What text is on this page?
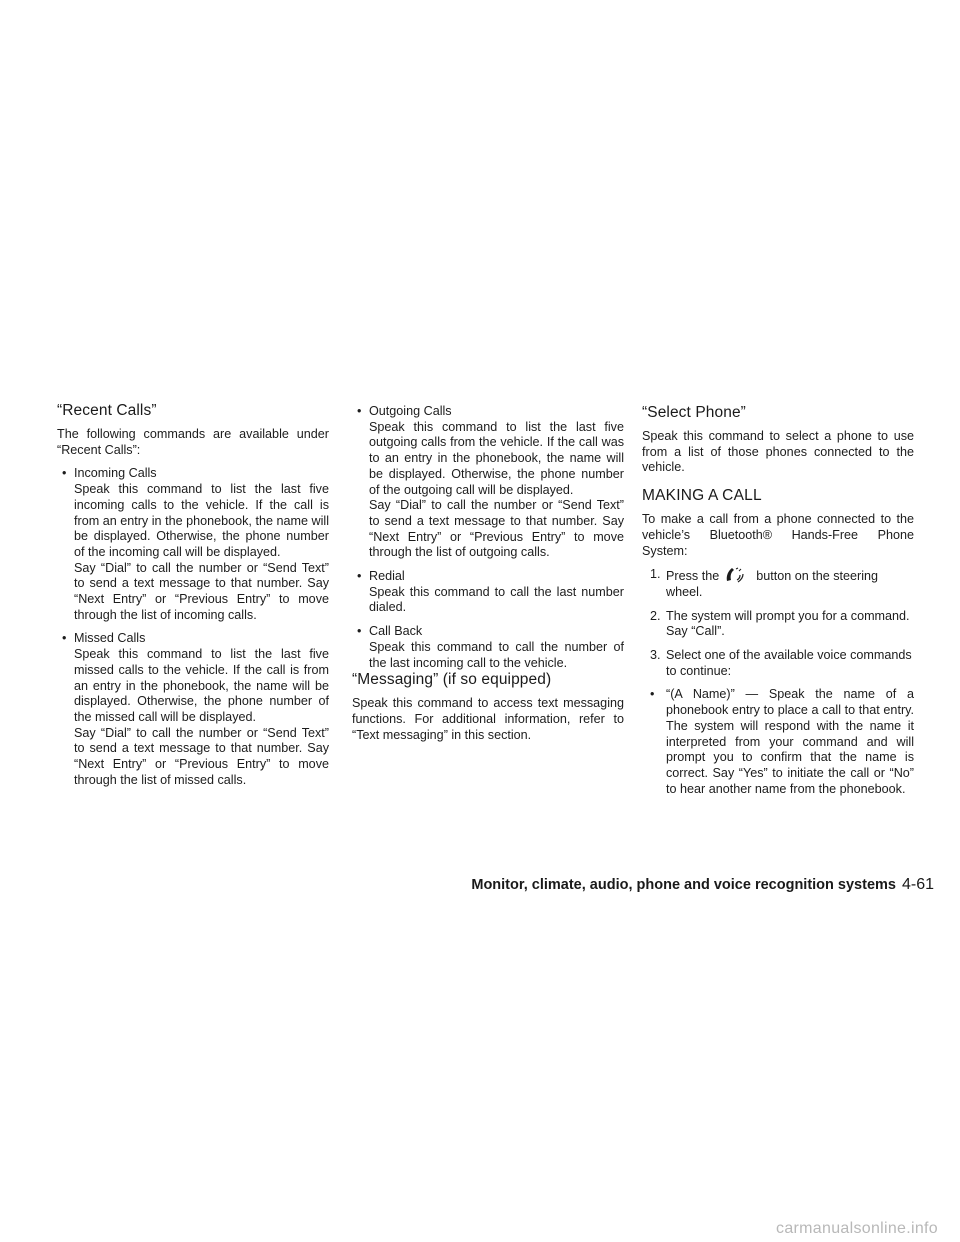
“Recent Calls”

The following commands are available under “Recent Calls”:

• Incoming Calls
Speak this command to list the last five incoming calls to the vehicle. If the call is from an entry in the phonebook, the name will be displayed. Otherwise, the phone number of the incoming call will be displayed.
Say “Dial” to call the number or “Send Text” to send a text message to that number. Say “Next Entry” or “Previous Entry” to move through the list of incoming calls.
• Missed Calls
Speak this command to list the last five missed calls to the vehicle. If the call is from an entry in the phonebook, the name will be displayed. Otherwise, the phone number of the missed call will be displayed.
Say “Dial” to call the number or “Send Text” to send a text message to that number. Say “Next Entry” or “Previous Entry” to move through the list of missed calls.
• Outgoing Calls
Speak this command to list the last five outgoing calls from the vehicle. If the call was to an entry in the phonebook, the name will be displayed. Otherwise, the phone number of the outgoing call will be displayed.
Say “Dial” to call the number or “Send Text” to send a text message to that number. Say “Next Entry” or “Previous Entry” to move through the list of outgoing calls.
• Redial
Speak this command to call the last number dialed.
• Call Back
Speak this command to call the number of the last incoming call to the vehicle.
“Messaging” (if so equipped)

Speak this command to access text messaging functions. For additional information, refer to “Text messaging” in this section.

“Select Phone”

Speak this command to select a phone to use from a list of those phones connected to the vehicle.

MAKING A CALL

To make a call from a phone connected to the vehicle’s Bluetooth® Hands-Free Phone System:

1. Press the	button on the steering wheel.
2. The system will prompt you for a command. Say “Call”.
3. Select one of the available voice commands to continue:
• “(A Name)” — Speak the name of a phonebook entry to place a call to that entry. The system will respond with the name it interpreted from your command and will prompt you to confirm that the name is correct. Say “Yes” to initiate the call or “No” to hear another name from the phonebook.
Monitor, climate, audio, phone and voice recognition systems 4-61
carmanualsonline.info
